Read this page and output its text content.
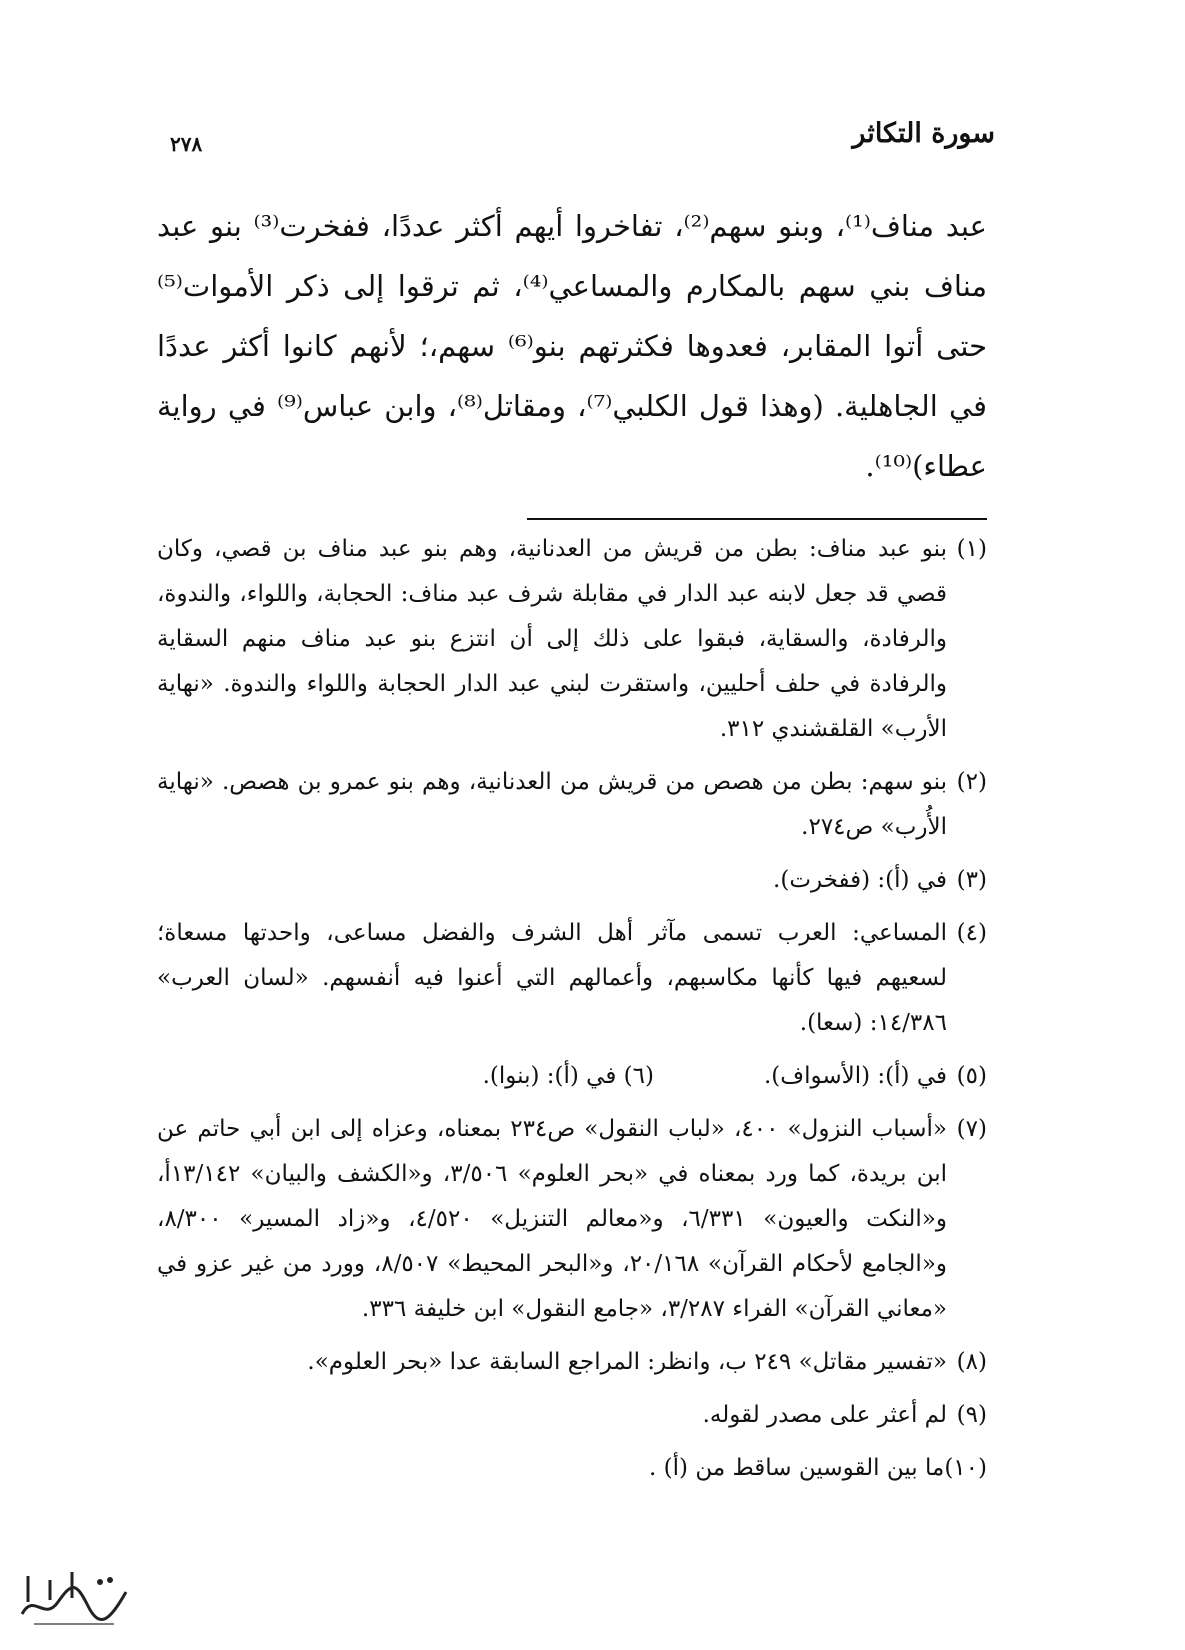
سورة التكاثر
٢٧٨

عبد مناف⁽¹⁾، وبنو سهم⁽²⁾، تفاخروا أيهم أكثر عددًا، ففخرت⁽³⁾ بنو عبد مناف بني سهم بالمكارم والمساعي⁽⁴⁾، ثم ترقوا إلى ذكر الأموات⁽⁵⁾ حتى أتوا المقابر، فعدوها فكثرتهم بنو⁽⁶⁾ سهم،؛ لأنهم كانوا أكثر عددًا في الجاهلية. (وهذا قول الكلبي⁽⁷⁾، ومقاتل⁽⁸⁾، وابن عباس⁽⁹⁾ في رواية عطاء)⁽¹⁰⁾.

(١)
بنو عبد مناف: بطن من قريش من العدنانية، وهم بنو عبد مناف بن قصي، وكان قصي قد جعل لابنه عبد الدار في مقابلة شرف عبد مناف: الحجابة، واللواء، والندوة، والرفادة، والسقاية، فبقوا على ذلك إلى أن انتزع بنو عبد مناف منهم السقاية والرفادة في حلف أحليين، واستقرت لبني عبد الدار الحجابة واللواء والندوة. «نهاية الأرب» القلقشندي ٣١٢.
(٢)
بنو سهم: بطن من هصص من قريش من العدنانية، وهم بنو عمرو بن هصص. «نهاية الأُرب» ص٢٧٤.
(٣)
في (أ): (ففخرت).
(٤)
المساعي: العرب تسمى مآثر أهل الشرف والفضل مساعى، واحدتها مسعاة؛ لسعيهم فيها كأنها مكاسبهم، وأعمالهم التي أعنوا فيه أنفسهم. «لسان العرب» ١٤/٣٨٦: (سعا).
(٥)
في (أ): (الأسواف).
(٦) في (أ): (بنوا).
(٧)
«أسباب النزول» ٤٠٠، «لباب النقول» ص٢٣٤ بمعناه، وعزاه إلى ابن أبي حاتم عن ابن بريدة، كما ورد بمعناه في «بحر العلوم» ٣/٥٠٦، و«الكشف والبيان» ١٣/١٤٢أ، و«النكت والعيون» ٦/٣٣١، و«معالم التنزيل» ٤/٥٢٠، و«زاد المسير» ٨/٣٠٠، و«الجامع لأحكام القرآن» ٢٠/١٦٨، و«البحر المحيط» ٨/٥٠٧، وورد من غير عزو في «معاني القرآن» الفراء ٣/٢٨٧، «جامع النقول» ابن خليفة ٣٣٦.
(٨)
«تفسير مقاتل» ٢٤٩ ب، وانظر: المراجع السابقة عدا «بحر العلوم».
(٩)
لم أعثر على مصدر لقوله.
(١٠)
ما بين القوسين ساقط من (أ) .
